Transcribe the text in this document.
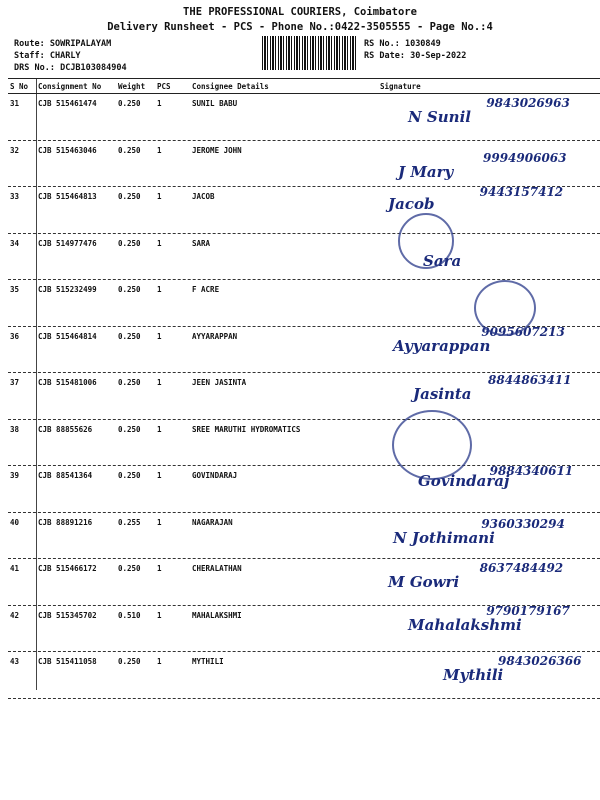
THE PROFESSIONAL COURIERS, Coimbatore
Delivery Runsheet - PCS - Phone No.:0422-3505555 - Page No.:4
Route: SOWRIPALAYAM
Staff: CHARLY
DRS No.: DCJB103084904
RS No.: 1030849
RS Date: 30-Sep-2022
S No Consignment No Weight PCS	Consignee Details	Signature
31	CJB 515461474	0.250 1	SUNIL BABU
N Sunil
9843026963
32	CJB 515463046	0.250 1	JEROME JOHN
J Mary
9994906063
33	CJB 515464813	0.250 1	JACOB	Jacob
9443157412
34	CJB 514977476	0.250 1	SARA
Sara
35	CJB 515232499	0.250 1	F ACRE
36	CJB 515464814	0.250 1	AYYARAPPAN
Ayyarappan
9095607213
37	CJB 515481006	0.250 1	JEEN JASINTA
Jasinta
8844863411
38	CJB 88855626	0.250 1	SREE MARUTHI HYDROMATICS
39	CJB 88541364	0.250 1	GOVINDARAJ	Govindaraj
9884340611
40	CJB 88891216	0.255 1	NAGARAJAN
N Jothimani
9360330294
41	CJB 515466172	0.250 1	CHERALATHAN
M Gowri
8637484492
42	CJB 515345702	0.510 1	MAHALAKSHMI
Mahalakshmi
9790179167
43	CJB 515411058	0.250 1	MYTHILI
Mythili
9843026366
